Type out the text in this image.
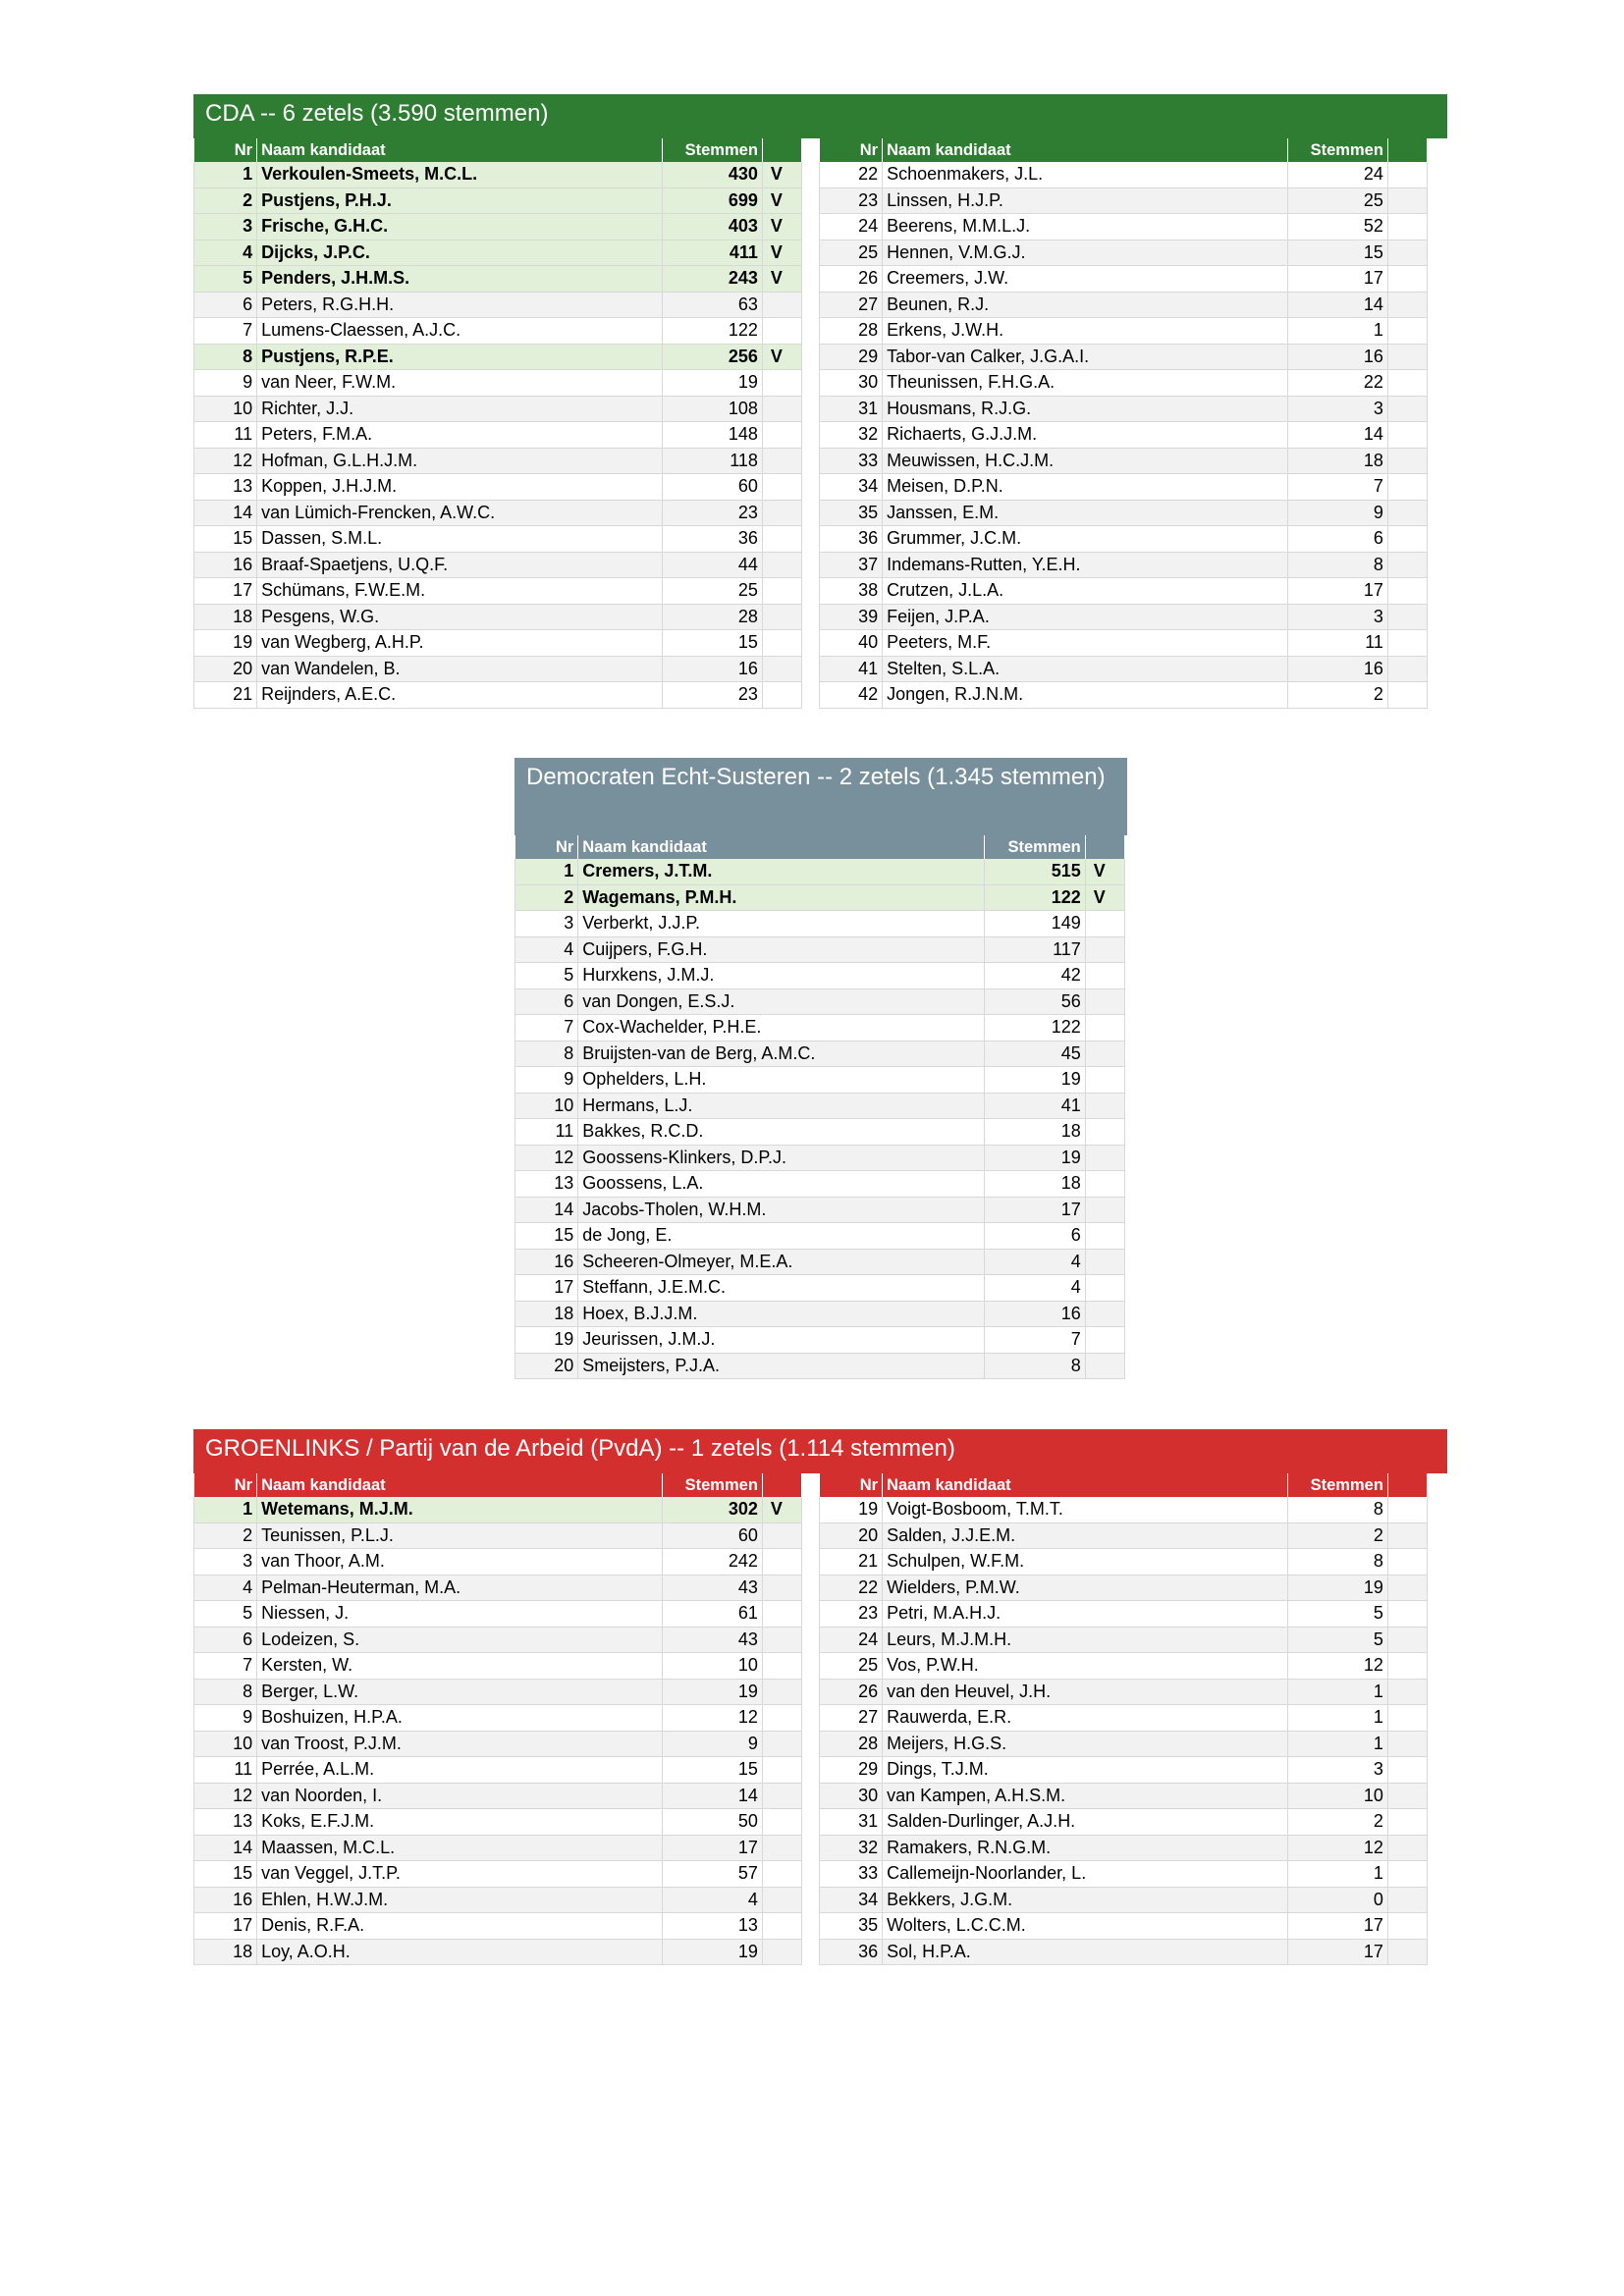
CDA -- 6 zetels (3.590 stemmen)
Nr	Naam kandidaat	Stemmen	
1	Verkoulen-Smeets, M.C.L.	430	V
2	Pustjens, P.H.J.	699	V
3	Frische, G.H.C.	403	V
4	Dijcks, J.P.C.	411	V
5	Penders, J.H.M.S.	243	V
6	Peters, R.G.H.H.	63	
7	Lumens-Claessen, A.J.C.	122	
8	Pustjens, R.P.E.	256	V
9	van Neer, F.W.M.	19	
10	Richter, J.J.	108	
11	Peters, F.M.A.	148	
12	Hofman, G.L.H.J.M.	118	
13	Koppen, J.H.J.M.	60	
14	van Lümich-Frencken, A.W.C.	23	
15	Dassen, S.M.L.	36	
16	Braaf-Spaetjens, U.Q.F.	44	
17	Schümans, F.W.E.M.	25	
18	Pesgens, W.G.	28	
19	van Wegberg, A.H.P.	15	
20	van Wandelen, B.	16	
21	Reijnders, A.E.C.	23	
Nr	Naam kandidaat	Stemmen	
22	Schoenmakers, J.L.	24	
23	Linssen, H.J.P.	25	
24	Beerens, M.M.L.J.	52	
25	Hennen, V.M.G.J.	15	
26	Creemers, J.W.	17	
27	Beunen, R.J.	14	
28	Erkens, J.W.H.	1	
29	Tabor-van Calker, J.G.A.I.	16	
30	Theunissen, F.H.G.A.	22	
31	Housmans, R.J.G.	3	
32	Richaerts, G.J.J.M.	14	
33	Meuwissen, H.C.J.M.	18	
34	Meisen, D.P.N.	7	
35	Janssen, E.M.	9	
36	Grummer, J.C.M.	6	
37	Indemans-Rutten, Y.E.H.	8	
38	Crutzen, J.L.A.	17	
39	Feijen, J.P.A.	3	
40	Peeters, M.F.	11	
41	Stelten, S.L.A.	16	
42	Jongen, R.J.N.M.	2	
Democraten Echt-Susteren -- 2 zetels (1.345 stemmen)
Nr	Naam kandidaat	Stemmen	
1	Cremers, J.T.M.	515	V
2	Wagemans, P.M.H.	122	V
3	Verberkt, J.J.P.	149	
4	Cuijpers, F.G.H.	117	
5	Hurxkens, J.M.J.	42	
6	van Dongen, E.S.J.	56	
7	Cox-Wachelder, P.H.E.	122	
8	Bruijsten-van de Berg, A.M.C.	45	
9	Ophelders, L.H.	19	
10	Hermans, L.J.	41	
11	Bakkes, R.C.D.	18	
12	Goossens-Klinkers, D.P.J.	19	
13	Goossens, L.A.	18	
14	Jacobs-Tholen, W.H.M.	17	
15	de Jong, E.	6	
16	Scheeren-Olmeyer, M.E.A.	4	
17	Steffann, J.E.M.C.	4	
18	Hoex, B.J.J.M.	16	
19	Jeurissen, J.M.J.	7	
20	Smeijsters, P.J.A.	8	
GROENLINKS / Partij van de Arbeid (PvdA) -- 1 zetels (1.114 stemmen)
Nr	Naam kandidaat	Stemmen	
1	Wetemans, M.J.M.	302	V
2	Teunissen, P.L.J.	60	
3	van Thoor, A.M.	242	
4	Pelman-Heuterman, M.A.	43	
5	Niessen, J.	61	
6	Lodeizen, S.	43	
7	Kersten, W.	10	
8	Berger, L.W.	19	
9	Boshuizen, H.P.A.	12	
10	van Troost, P.J.M.	9	
11	Perrée, A.L.M.	15	
12	van Noorden, I.	14	
13	Koks, E.F.J.M.	50	
14	Maassen, M.C.L.	17	
15	van Veggel, J.T.P.	57	
16	Ehlen, H.W.J.M.	4	
17	Denis, R.F.A.	13	
18	Loy, A.O.H.	19	
Nr	Naam kandidaat	Stemmen	
19	Voigt-Bosboom, T.M.T.	8	
20	Salden, J.J.E.M.	2	
21	Schulpen, W.F.M.	8	
22	Wielders, P.M.W.	19	
23	Petri, M.A.H.J.	5	
24	Leurs, M.J.M.H.	5	
25	Vos, P.W.H.	12	
26	van den Heuvel, J.H.	1	
27	Rauwerda, E.R.	1	
28	Meijers, H.G.S.	1	
29	Dings, T.J.M.	3	
30	van Kampen, A.H.S.M.	10	
31	Salden-Durlinger, A.J.H.	2	
32	Ramakers, R.N.G.M.	12	
33	Callemeijn-Noorlander, L.	1	
34	Bekkers, J.G.M.	0	
35	Wolters, L.C.C.M.	17	
36	Sol, H.P.A.	17	
